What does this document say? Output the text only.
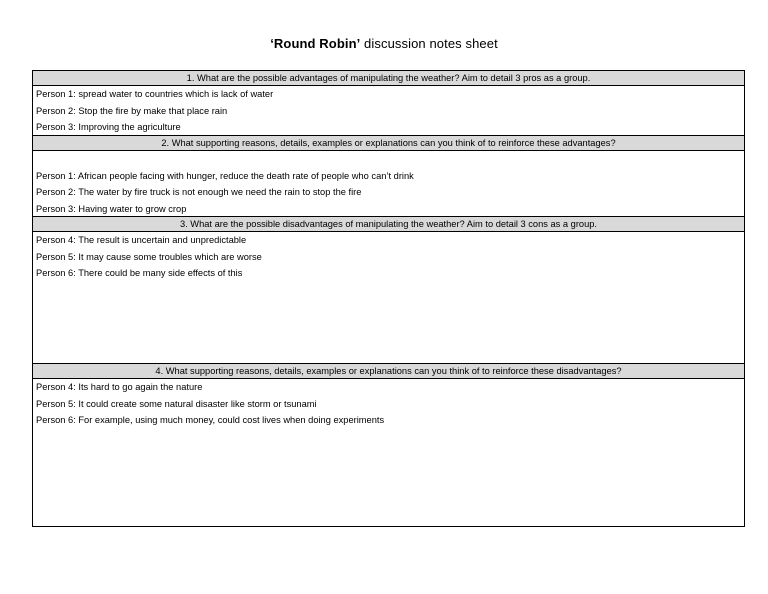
‘Round Robin’ discussion notes sheet
1. What are the possible advantages of manipulating the weather? Aim to detail 3 pros as a group.
Person 1: spread water to countries which is lack of water
Person 2: Stop the fire by make that place rain
Person 3: Improving the agriculture
2. What supporting reasons, details, examples or explanations can you think of to reinforce these advantages?
Person 1: African people facing with hunger, reduce the death rate of people who can’t drink
Person 2: The water by fire truck is not enough we need the rain to stop the fire
Person 3: Having water to grow crop
3. What are the possible disadvantages of manipulating the weather? Aim to detail 3 cons as a group.
Person 4: The result is uncertain and unpredictable
Person 5: It may cause some troubles which are worse
Person 6: There could be many side effects of this
4. What supporting reasons, details, examples or explanations can you think of to reinforce these disadvantages?
Person 4: Its hard to go again the nature
Person 5: It could create some natural disaster like storm or tsunami
Person 6: For example, using much money, could cost lives when doing experiments
